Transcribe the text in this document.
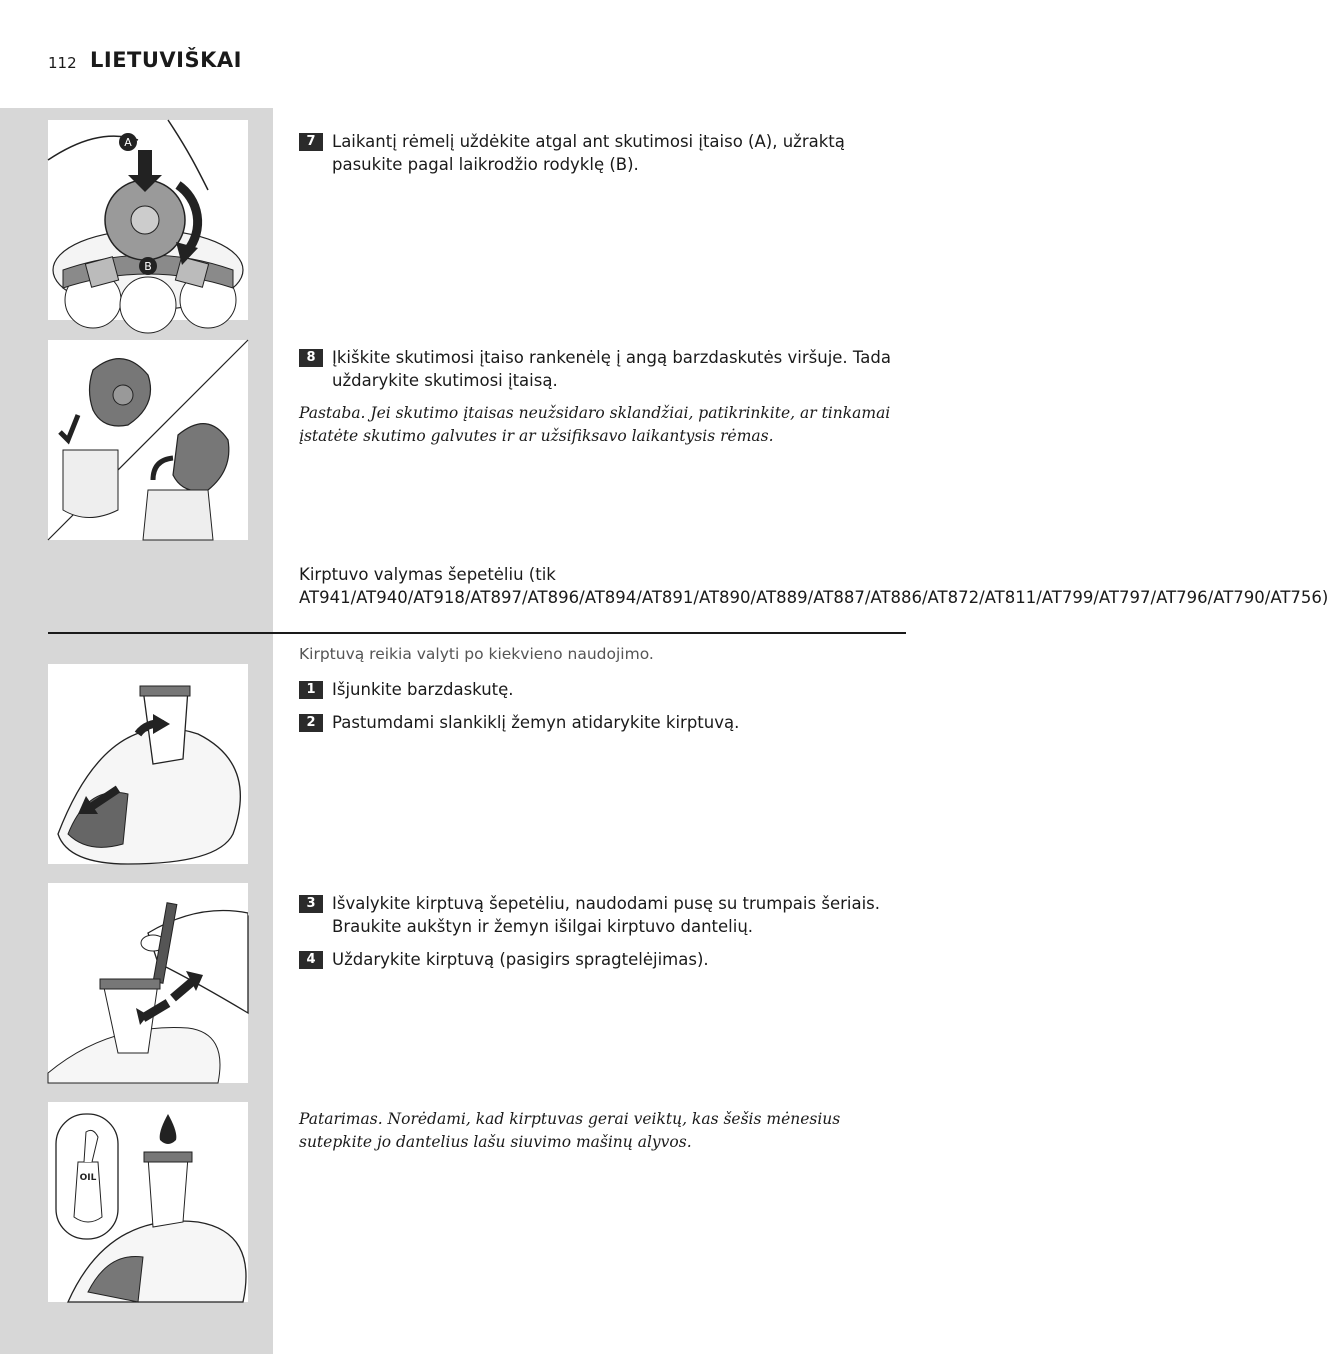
112 LIETUVIŠKAI
A
B
OIL
7 Laikantį rėmelį uždėkite atgal ant skutimosi įtaiso (A), užraktą pasukite pagal laikrodžio rodyklę (B).
8 Įkiškite skutimosi įtaiso rankenėlę į angą barzdaskutės viršuje. Tada uždarykite skutimosi įtaisą.
Pastaba. Jei skutimo įtaisas neužsidaro sklandžiai, patikrinkite, ar tinkamai įstatėte skutimo galvutes ir ar užsifiksavo laikantysis rėmas.
Kirptuvo valymas šepetėliu (tik AT941/AT940/AT918/AT897/AT896/AT894/AT891/AT890/AT889/AT887/AT886/AT872/AT811/AT799/AT797/AT796/AT790/AT756)
Kirptuvą reikia valyti po kiekvieno naudojimo.
1 Išjunkite barzdaskutę.
2 Pastumdami slankiklį žemyn atidarykite kirptuvą.
3 Išvalykite kirptuvą šepetėliu, naudodami pusę su trumpais šeriais. Braukite aukštyn ir žemyn išilgai kirptuvo dantelių.
4 Uždarykite kirptuvą (pasigirs spragtelėjimas).
Patarimas. Norėdami, kad kirptuvas gerai veiktų, kas šešis mėnesius sutepkite jo dantelius lašu siuvimo mašinų alyvos.
